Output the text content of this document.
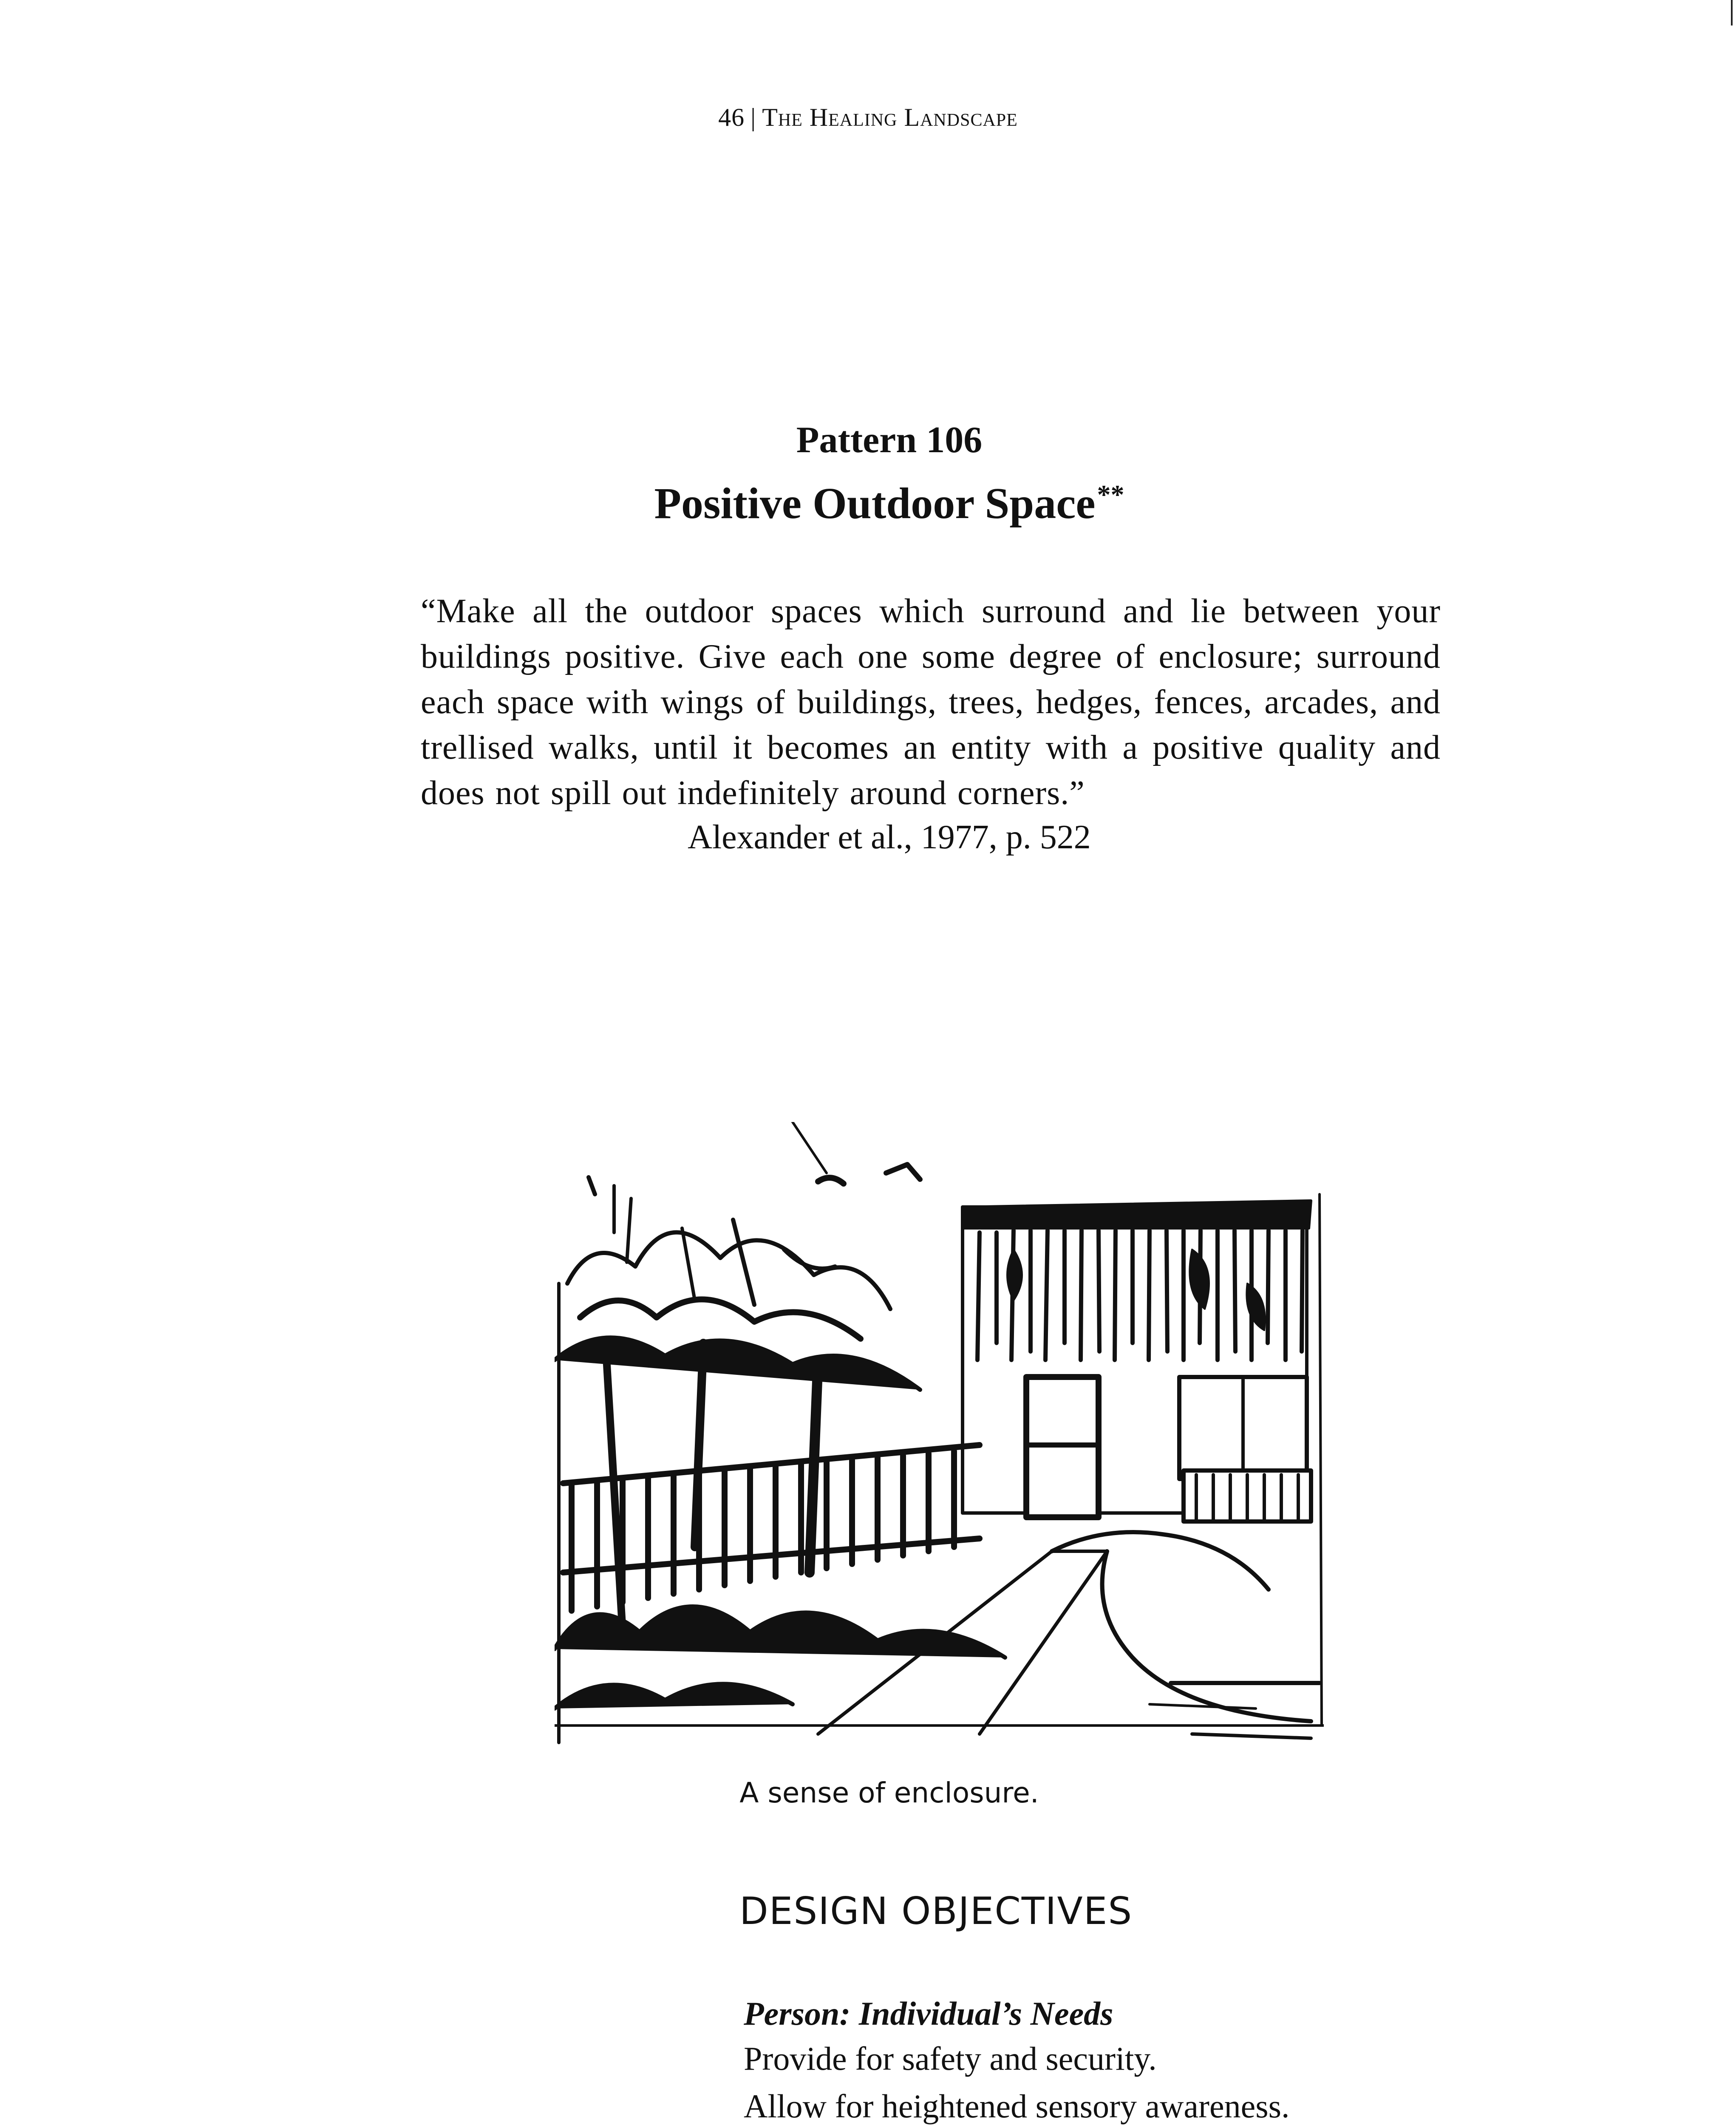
46 | The Healing Landscape
Pattern 106
Positive Outdoor Space**
“Make all the outdoor spaces which surround and lie between your buildings positive. Give each one some degree of enclosure; surround each space with wings of buildings, trees, hedges, fences, arcades, and trellised walks, until it becomes an entity with a positive quality and does not spill out indefinitely around corners.”
Alexander et al., 1977, p. 522
A sense of enclosure.
DESIGN OBJECTIVES
Person: Individual’s Needs
Provide for safety and security.
Allow for heightened sensory awareness.
